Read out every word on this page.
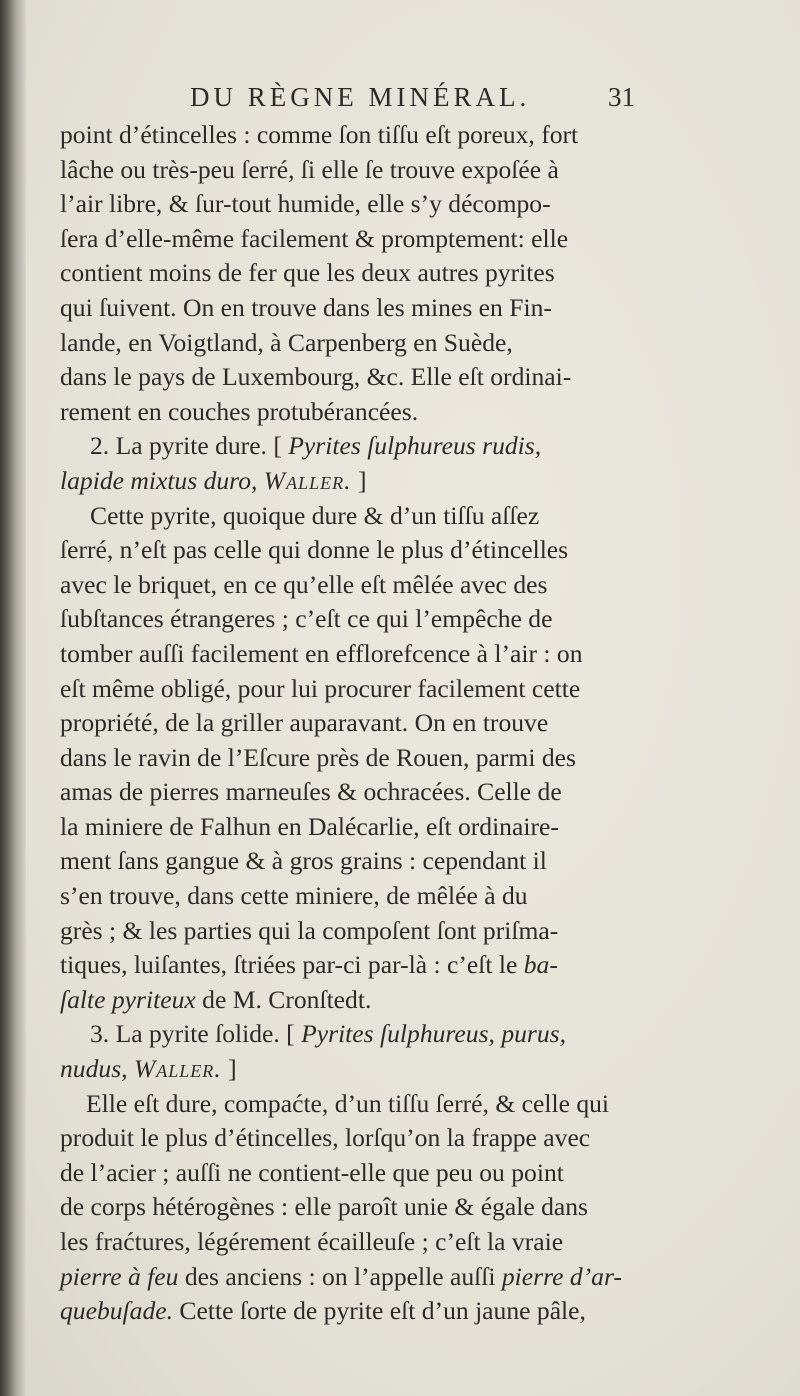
DU RÈGNE MINÉRAL.	31
point d’étincelles : comme ſon tiſſu eſt poreux, fort
lâche ou très-peu ſerré, ſi elle ſe trouve expoſée à
l’air libre, & ſur-tout humide, elle s’y décompo-
ſera d’elle-même facilement & promptement: elle
contient moins de fer que les deux autres pyrites
qui ſuivent. On en trouve dans les mines en Fin-
lande, en Voigtland, à Carpenberg en Suède,
dans le pays de Luxembourg, &c. Elle eſt ordinai-
rement en couches protubérancées.
2. La pyrite dure. [ Pyrites ſulphureus rudis,
lapide mixtus duro, Waller. ]
Cette pyrite, quoique dure & d’un tiſſu aſſez
ſerré, n’eſt pas celle qui donne le plus d’étincelles
avec le briquet, en ce qu’elle eſt mêlée avec des
ſubſtances étrangeres ; c’eſt ce qui l’empêche de
tomber auſſi facilement en efflorefcence à l’air : on
eſt même obligé, pour lui procurer facilement cette
propriété, de la griller auparavant. On en trouve
dans le ravin de l’Eſcure près de Rouen, parmi des
amas de pierres marneuſes & ochracées. Celle de
la miniere de Falhun en Dalécarlie, eſt ordinaire-
ment ſans gangue & à gros grains : cependant il
s’en trouve, dans cette miniere, de mêlée à du
grès ; & les parties qui la compoſent ſont priſma-
tiques, luiſantes, ſtriées par-ci par-là : c’eſt le ba-
ſalte pyriteux de M. Cronſtedt.
3. La pyrite ſolide. [ Pyrites ſulphureus, purus,
nudus, Waller. ]
Elle eſt dure, compaćte, d’un tiſſu ſerré, & celle qui
produit le plus d’étincelles, lorſqu’on la frappe avec
de l’acier ; auſſi ne contient-elle que peu ou point
de corps hétérogènes : elle paroît unie & égale dans
les fraćtures, légérement écailleuſe ; c’eſt la vraie
pierre à feu des anciens : on l’appelle auſſi pierre d’ar-
quebuſade. Cette ſorte de pyrite eſt d’un jaune pâle,
